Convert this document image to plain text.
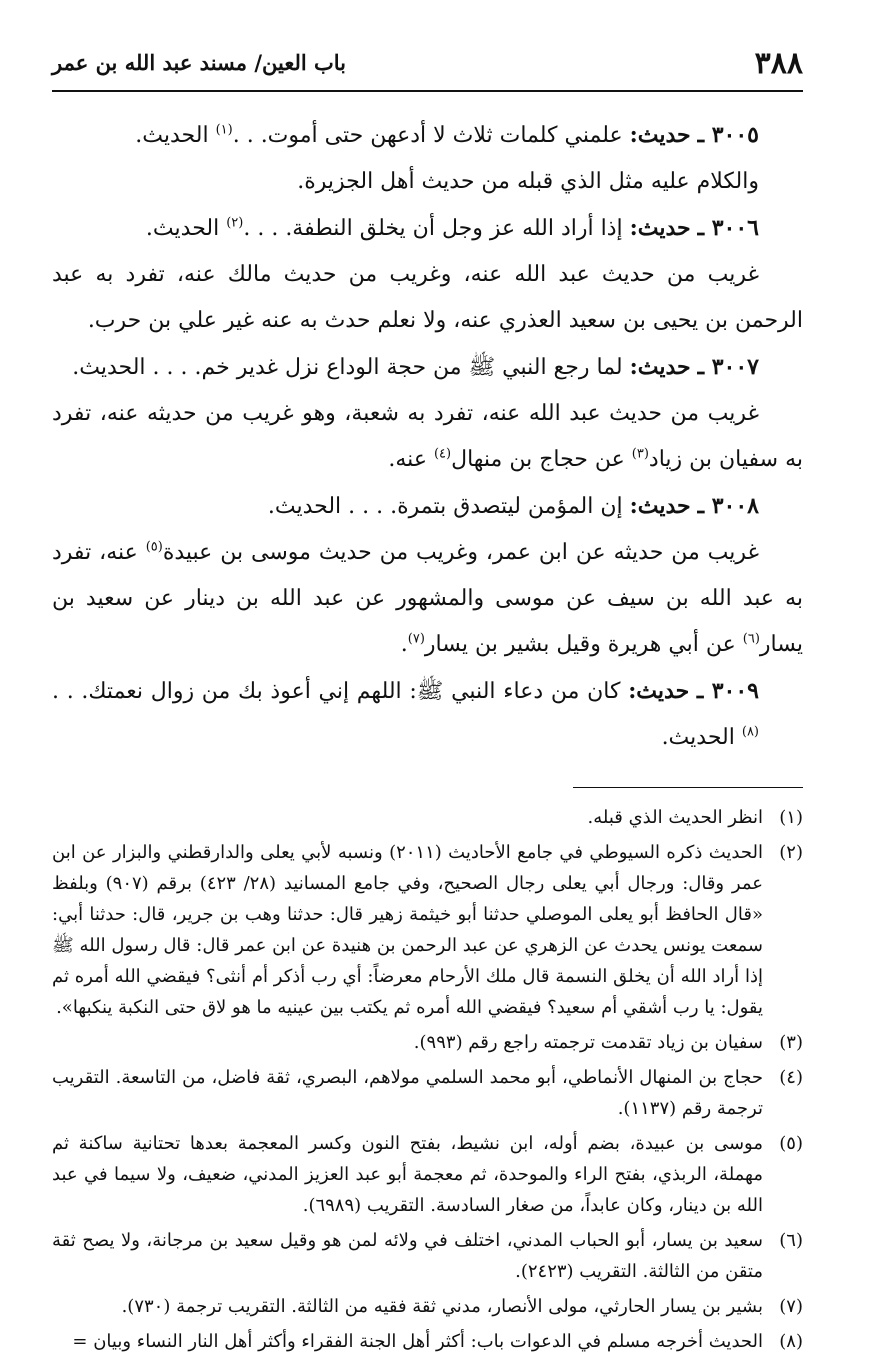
٣٨٨
باب العين/ مسند عبد الله بن عمر

٣٠٠٥ ـ حديث: علمني كلمات ثلاث لا أدعهن حتى أموت. . .$^{(١)}$ الحديث.

والكلام عليه مثل الذي قبله من حديث أهل الجزيرة.

٣٠٠٦ ـ حديث: إذا أراد الله عز وجل أن يخلق النطفة. . . .$^{(٢)}$ الحديث.

غريب من حديث عبد الله عنه، وغريب من حديث مالك عنه، تفرد به عبد الرحمن بن يحيى بن سعيد العذري عنه، ولا نعلم حدث به عنه غير علي بن حرب.

٣٠٠٧ ـ حديث: لما رجع النبي ﷺ من حجة الوداع نزل غدير خم. . . . الحديث.

غريب من حديث عبد الله عنه، تفرد به شعبة، وهو غريب من حديثه عنه، تفرد به سفيان بن زياد$^{(٣)}$ عن حجاج بن منهال$^{(٤)}$ عنه.

٣٠٠٨ ـ حديث: إن المؤمن ليتصدق بتمرة. . . . الحديث.

غريب من حديثه عن ابن عمر، وغريب من حديث موسى بن عبيدة$^{(٥)}$ عنه، تفرد به عبد الله بن سيف عن موسى والمشهور عن عبد الله بن دينار عن سعيد بن يسار$^{(٦)}$ عن أبي هريرة وقيل بشير بن يسار$^{(٧)}$.

٣٠٠٩ ـ حديث: كان من دعاء النبي ﷺ: اللهم إني أعوذ بك من زوال نعمتك. . .$^{(٨)}$ الحديث.

(١)
انظر الحديث الذي قبله.
(٢)
الحديث ذكره السيوطي في جامع الأحاديث (٢٠١١) ونسبه لأبي يعلى والدارقطني والبزار عن ابن عمر وقال: ورجال أبي يعلى رجال الصحيح، وفي جامع المسانيد (٢٨/ ٤٢٣) برقم (٩٠٧) وبلفظ «قال الحافظ أبو يعلى الموصلي حدثنا أبو خيثمة زهير قال: حدثنا وهب بن جرير، قال: حدثنا أبي: سمعت يونس يحدث عن الزهري عن عبد الرحمن بن هنيدة عن ابن عمر قال: قال رسول الله ﷺ إذا أراد الله أن يخلق النسمة قال ملك الأرحام معرضاً: أي رب أذكر أم أنثى؟ فيقضي الله أمره ثم يقول: يا رب أشقي أم سعيد؟ فيقضي الله أمره ثم يكتب بين عينيه ما هو لاق حتى النكبة ينكبها».
(٣)
سفيان بن زياد تقدمت ترجمته راجع رقم (٩٩٣).
(٤)
حجاج بن المنهال الأنماطي، أبو محمد السلمي مولاهم، البصري، ثقة فاضل، من التاسعة. التقريب ترجمة رقم (١١٣٧).
(٥)
موسى بن عبيدة، بضم أوله، ابن نشيط، بفتح النون وكسر المعجمة بعدها تحتانية ساكنة ثم مهملة، الربذي، بفتح الراء والموحدة، ثم معجمة أبو عبد العزيز المدني، ضعيف، ولا سيما في عبد الله بن دينار، وكان عابداً، من صغار السادسة. التقريب (٦٩٨٩).
(٦)
سعيد بن يسار، أبو الحباب المدني، اختلف في ولائه لمن هو وقيل سعيد بن مرجانة، ولا يصح ثقة متقن من الثالثة. التقريب (٢٤٢٣).
(٧)
بشير بن يسار الحارثي، مولى الأنصار، مدني ثقة فقيه من الثالثة. التقريب ترجمة (٧٣٠).
(٨)
الحديث أخرجه مسلم في الدعوات باب: أكثر أهل الجنة الفقراء وأكثر أهل النار النساء وبيان =
